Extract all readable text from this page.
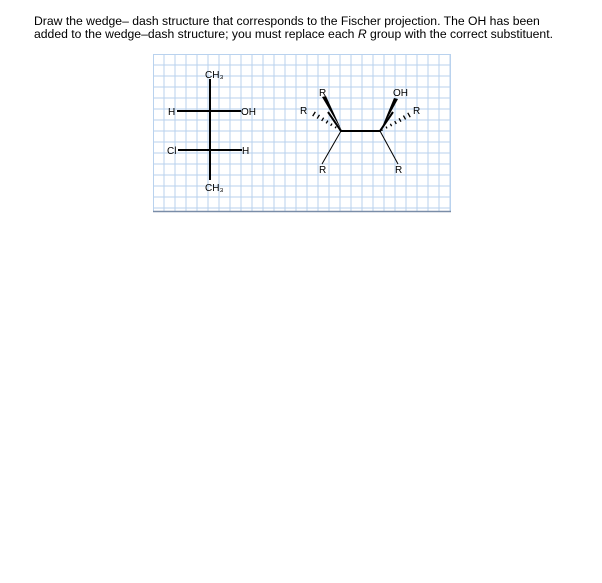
Draw the wedge– dash structure that corresponds to the Fischer projection. The OH has been
added to the wedge–dash structure; you must replace each R group with the correct substituent.
CH₃
CH₃
H	OH
Cl	H
R
R
R
OH
R
R
